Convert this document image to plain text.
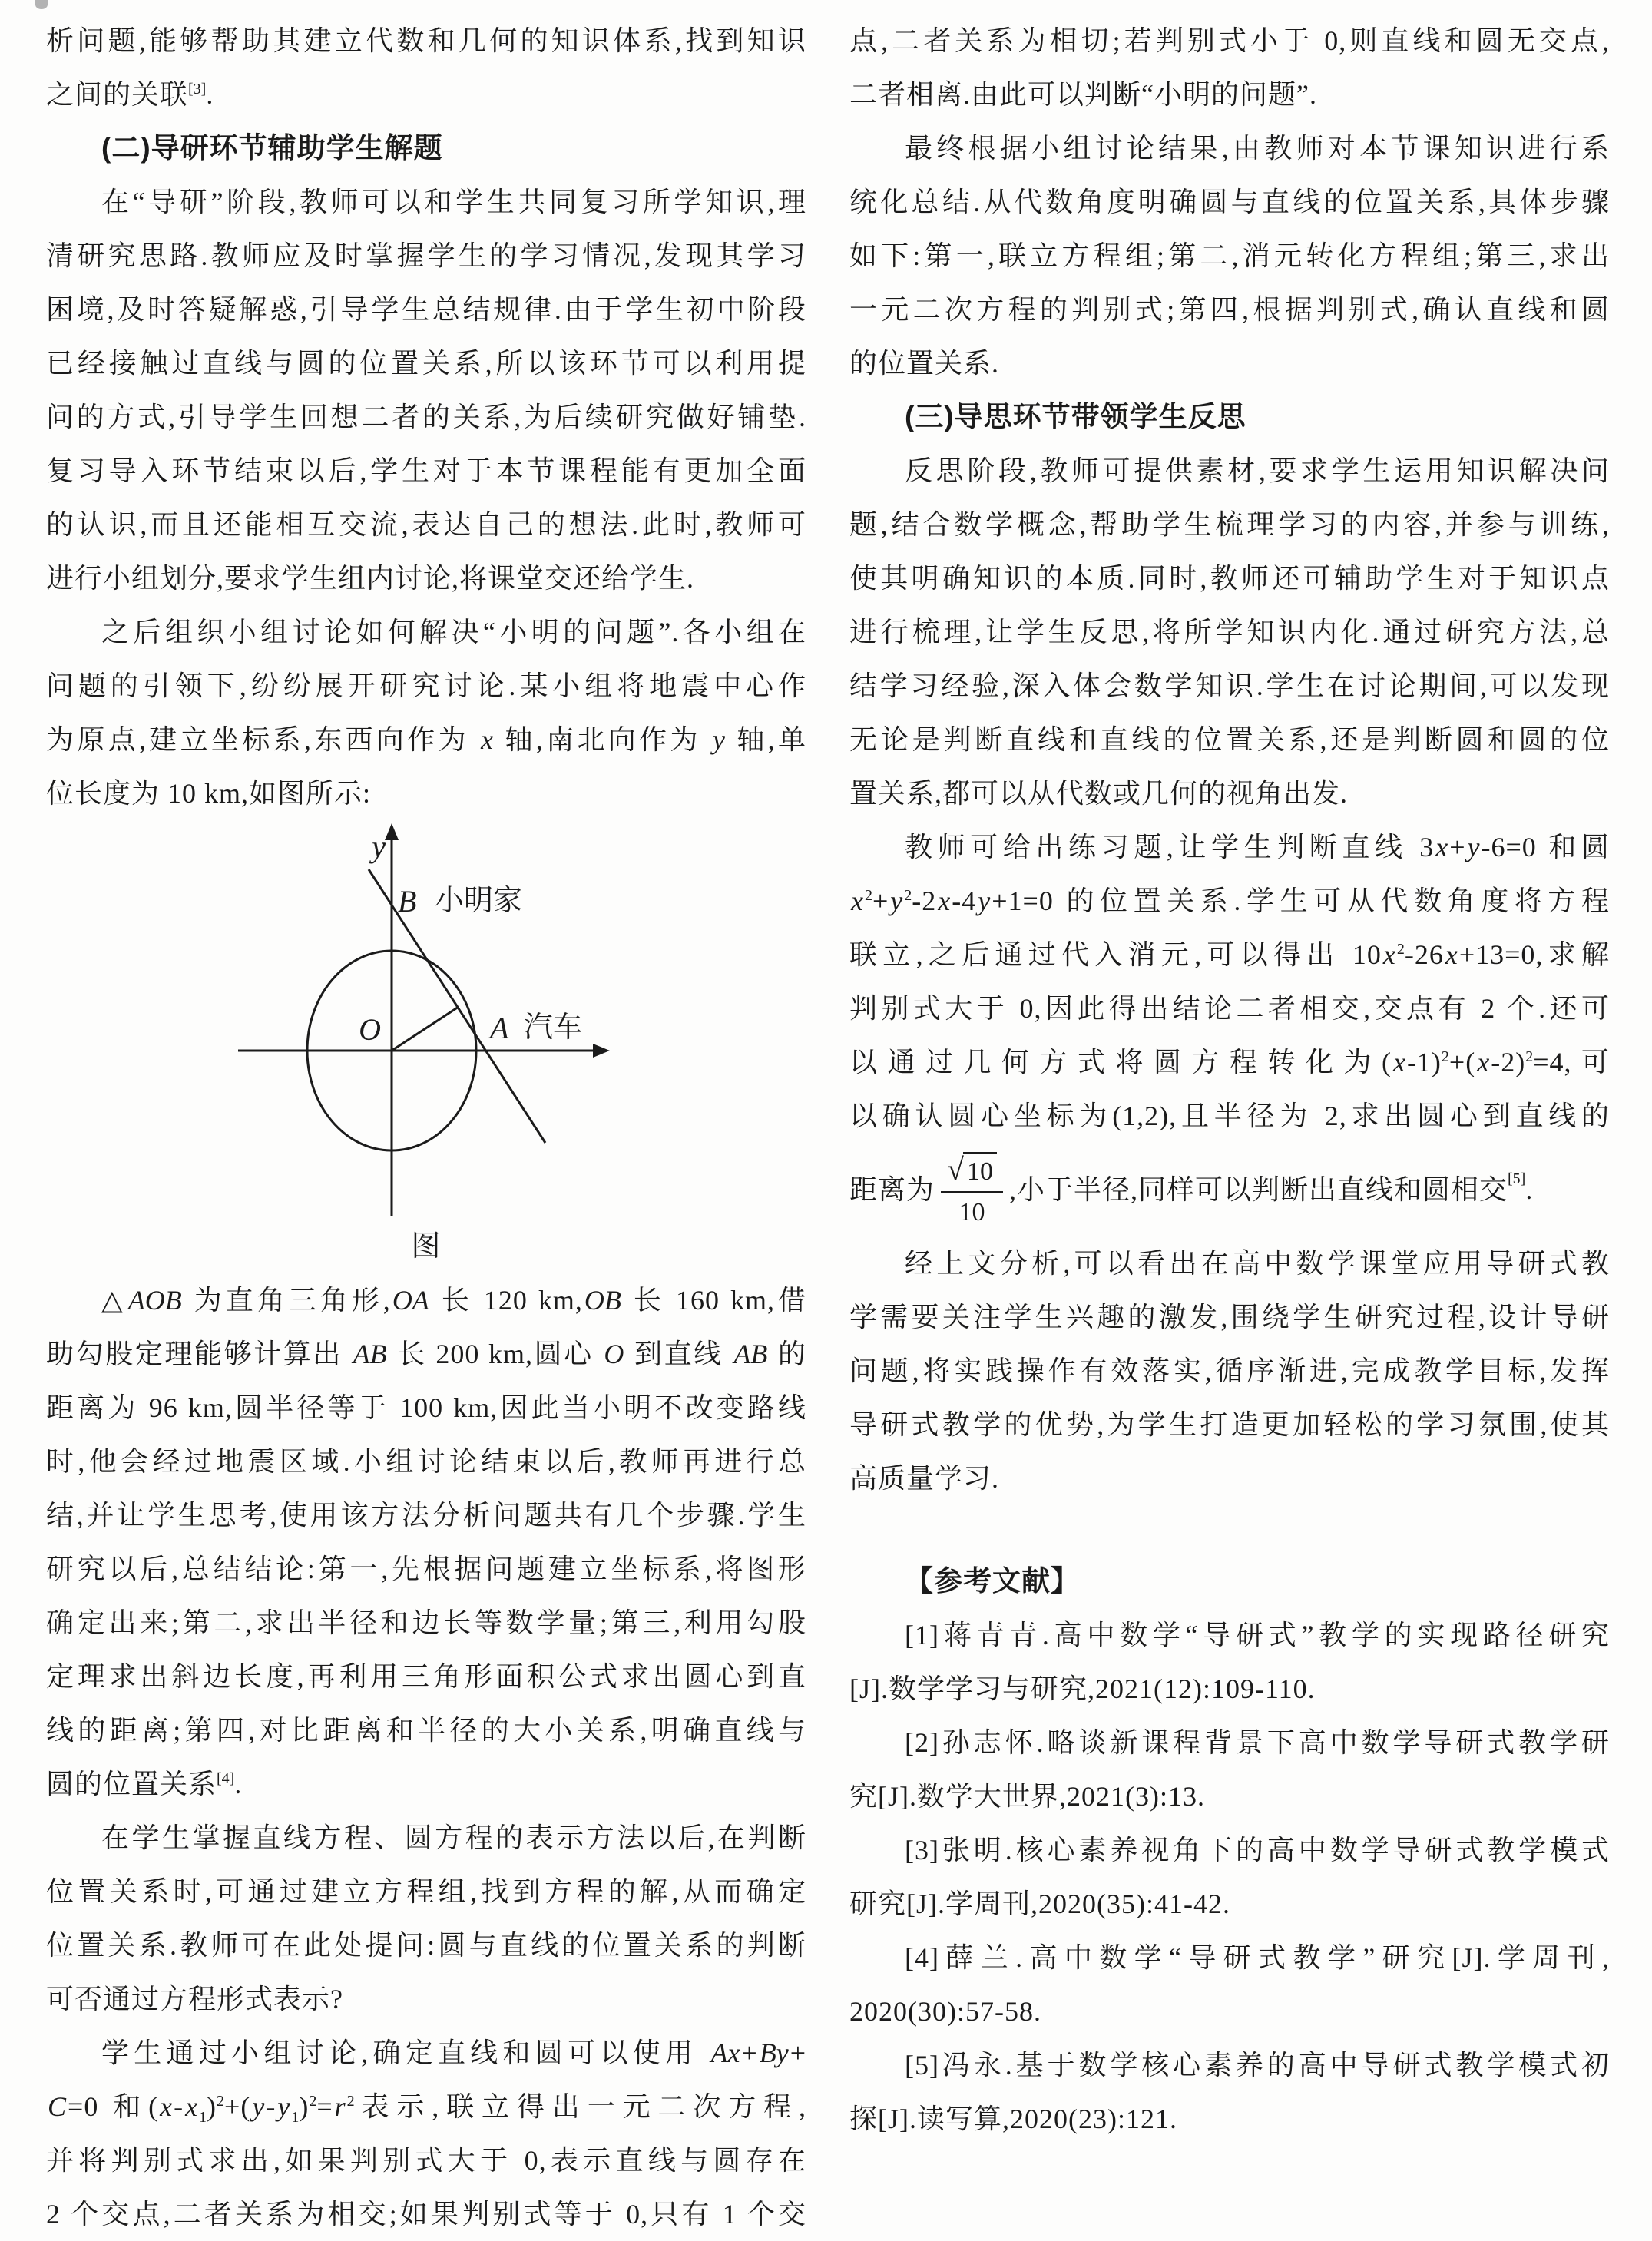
析问题,能够帮助其建立代数和几何的知识体系,找到知识
之间的关联[3].
(二)导研环节辅助学生解题
在“导研”阶段,教师可以和学生共同复习所学知识,理
清研究思路.教师应及时掌握学生的学习情况,发现其学习
困境,及时答疑解惑,引导学生总结规律.由于学生初中阶段
已经接触过直线与圆的位置关系,所以该环节可以利用提
问的方式,引导学生回想二者的关系,为后续研究做好铺垫.
复习导入环节结束以后,学生对于本节课程能有更加全面
的认识,而且还能相互交流,表达自己的想法.此时,教师可
进行小组划分,要求学生组内讨论,将课堂交还给学生.
之后组织小组讨论如何解决“小明的问题”.各小组在
问题的引领下,纷纷展开研究讨论.某小组将地震中心作
为原点,建立坐标系,东西向作为 x 轴,南北向作为 y 轴,单
位长度为 10 km,如图所示:
y
B 小明家
O	A 汽车
图
△AOB 为直角三角形,OA 长 120 km,OB 长 160 km,借
助勾股定理能够计算出 AB 长 200 km,圆心 O 到直线 AB 的
距离为 96 km,圆半径等于 100 km,因此当小明不改变路线
时,他会经过地震区域.小组讨论结束以后,教师再进行总
结,并让学生思考,使用该方法分析问题共有几个步骤.学生
研究以后,总结结论:第一,先根据问题建立坐标系,将图形
确定出来;第二,求出半径和边长等数学量;第三,利用勾股
定理求出斜边长度,再利用三角形面积公式求出圆心到直
线的距离;第四,对比距离和半径的大小关系,明确直线与
圆的位置关系[4].
在学生掌握直线方程、圆方程的表示方法以后,在判断
位置关系时,可通过建立方程组,找到方程的解,从而确定
位置关系.教师可在此处提问:圆与直线的位置关系的判断
可否通过方程形式表示?
学生通过小组讨论,确定直线和圆可以使用 Ax+By+
C=0 和(x-x $_1$)$^2$+(y-y $_1$)$^2$=r $^2$表示,联立得出一元二次方程,
并将判别式求出,如果判别式大于 0,表示直线与圆存在
2 个交点,二者关系为相交;如果判别式等于 0,只有 1 个交
点,二者关系为相切;若判别式小于 0,则直线和圆无交点,
二者相离.由此可以判断“小明的问题”.
最终根据小组讨论结果,由教师对本节课知识进行系
统化总结.从代数角度明确圆与直线的位置关系,具体步骤
如下:第一,联立方程组;第二,消元转化方程组;第三,求出
一元二次方程的判别式;第四,根据判别式,确认直线和圆
的位置关系.
(三)导思环节带领学生反思
反思阶段,教师可提供素材,要求学生运用知识解决问
题,结合数学概念,帮助学生梳理学习的内容,并参与训练,
使其明确知识的本质.同时,教师还可辅助学生对于知识点
进行梳理,让学生反思,将所学知识内化.通过研究方法,总
结学习经验,深入体会数学知识.学生在讨论期间,可以发现
无论是判断直线和直线的位置关系,还是判断圆和圆的位
置关系,都可以从代数或几何的视角出发.
教师可给出练习题,让学生判断直线 3x+y-6=0 和圆
x $^2$+y $^2$-2x-4y+1=0 的位置关系.学生可从代数角度将方程
联立,之后通过代入消元,可以得出 10x $^2$-26x+13=0,求解
判别式大于 0,因此得出结论二者相交,交点有 2 个.还可
以通过几何方式将圆方程转化为$(x-1)^2+(x-2)^2=4$,可
以确认圆心坐标为(1,2),且半径为 2,求出圆心到直线的
距离为 $\frac{√ 10}{10}$ ,小于半径,同样可以判断出直线和圆相交[5] .
经上文分析,可以看出在高中数学课堂应用导研式教
学需要关注学生兴趣的激发,围绕学生研究过程,设计导研
问题,将实践操作有效落实,循序渐进,完成教学目标,发挥
导研式教学的优势,为学生打造更加轻松的学习氛围,使其
高质量学习.
【参考文献】
[1]蒋青青.高中数学“导研式”教学的实现路径研究
[J].数学学习与研究,2021(12):109-110.
[2]孙志怀.略谈新课程背景下高中数学导研式教学研
究[J].数学大世界,2021(3):13.
[3]张明.核心素养视角下的高中数学导研式教学模式
研究[J].学周刊,2020(35):41-42.
[4]薛兰.高中数学“导研式教学”研究[J].学周刊,
2020(30):57-58.
[5]冯永.基于数学核心素养的高中导研式教学模式初
探[J].读写算,2020(23):121.
